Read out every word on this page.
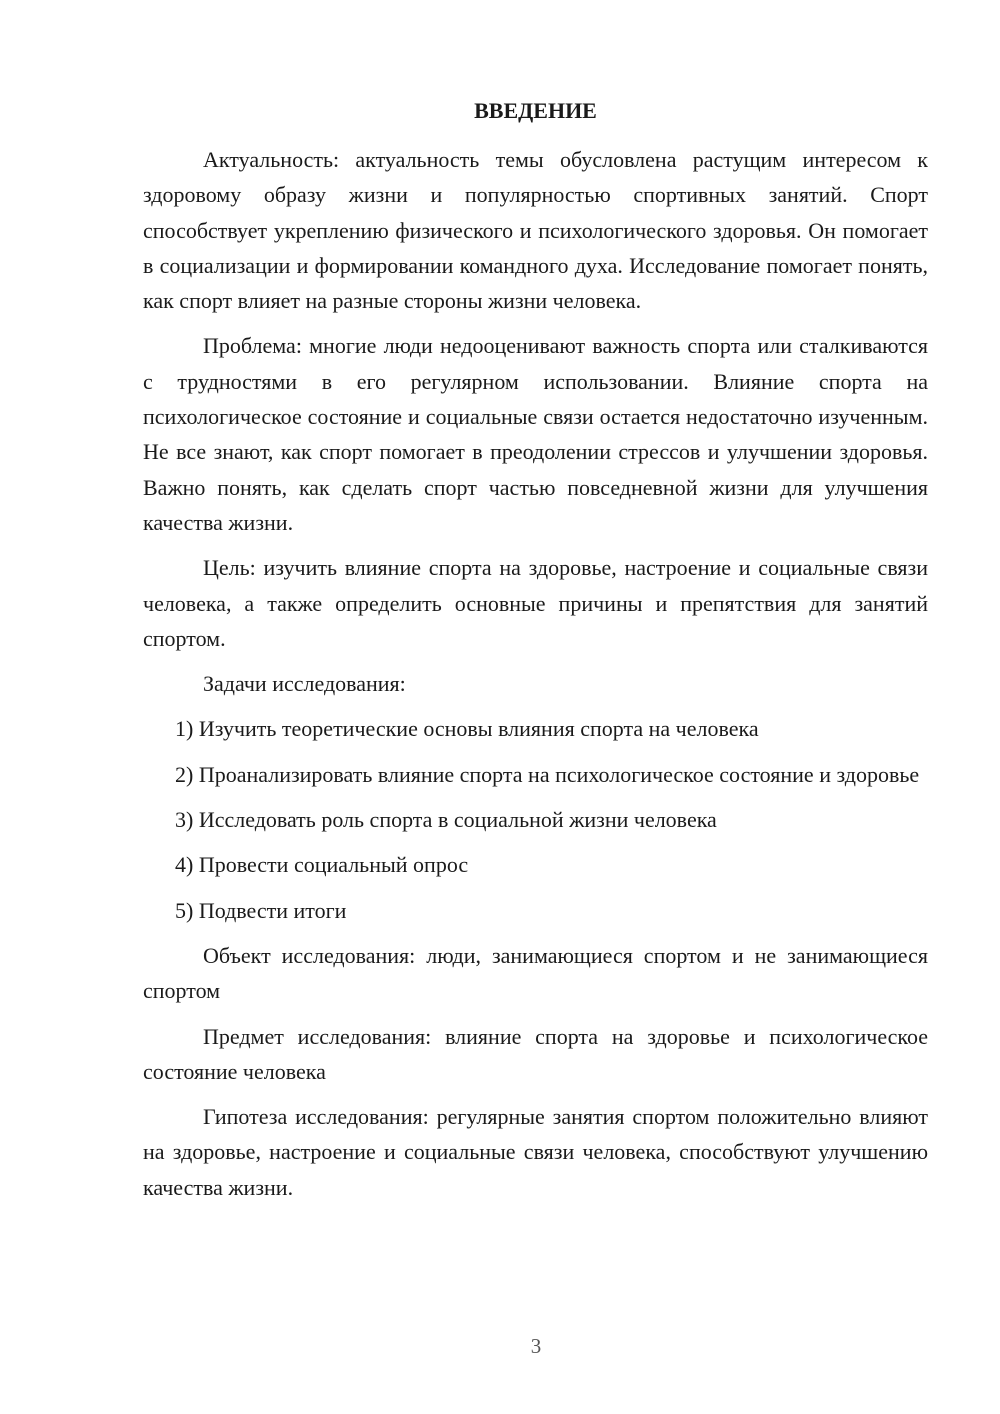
ВВЕДЕНИЕ

Актуальность: актуальность темы обусловлена растущим интересом к здоровому образу жизни и популярностью спортивных занятий. Спорт способствует укреплению физического и психологического здоровья. Он помогает в социализации и формировании командного духа. Исследование помогает понять, как спорт влияет на разные стороны жизни человека.

Проблема: многие люди недооценивают важность спорта или сталкиваются с трудностями в его регулярном использовании. Влияние спорта на психологическое состояние и социальные связи остается недостаточно изученным. Не все знают, как спорт помогает в преодолении стрессов и улучшении здоровья. Важно понять, как сделать спорт частью повседневной жизни для улучшения качества жизни.

Цель: изучить влияние спорта на здоровье, настроение и социальные связи человека, а также определить основные причины и препятствия для занятий спортом.

Задачи исследования:

1) Изучить теоретические основы влияния спорта на человека

2) Проанализировать влияние спорта на психологическое состояние и здоровье

3) Исследовать роль спорта в социальной жизни человека

4) Провести социальный опрос

5) Подвести итоги

Объект исследования: люди, занимающиеся спортом и не занимающиеся спортом

Предмет исследования: влияние спорта на здоровье и психологическое состояние человека

Гипотеза исследования: регулярные занятия спортом положительно влияют на здоровье, настроение и социальные связи человека, способствуют улучшению качества жизни.

3
